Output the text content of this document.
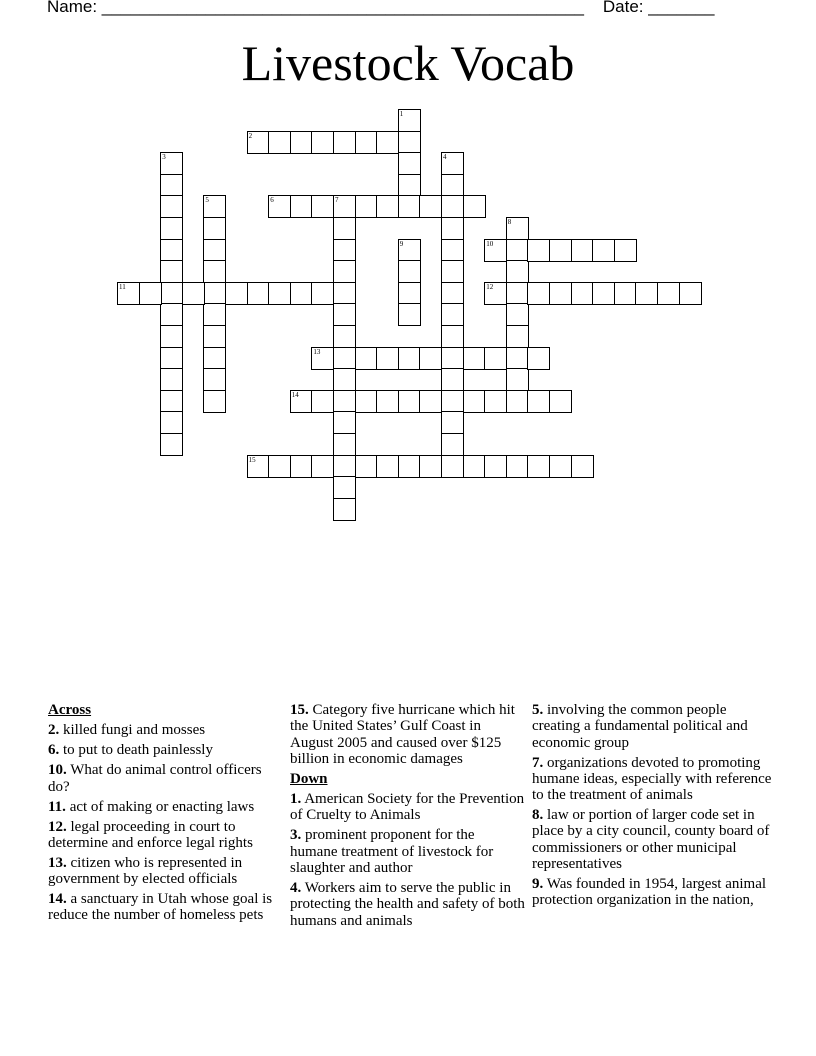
Name: ___________________________________________________    Date: _______
Livestock Vocab
1
2
3	4
5	6	7
8
9	10
11	12
13
14
15
Across
2. killed fungi and mosses
6. to put to death painlessly
10. What do animal control officers do?
11. act of making or enacting laws
12. legal proceeding in court to determine and enforce legal rights
13. citizen who is represented in government by elected officials
14. a sanctuary in Utah whose goal is reduce the number of homeless pets
15. Category five hurricane which hit the United States’ Gulf Coast in August 2005 and caused over $125 billion in economic damages
Down
1. American Society for the Prevention of Cruelty to Animals
3. prominent proponent for the humane treatment of livestock for slaughter and author
4. Workers aim to serve the public in protecting the health and safety of both humans and animals
5. involving the common people creating a fundamental political and economic group
7. organizations devoted to promoting humane ideas, especially with reference to the treatment of animals
8. law or portion of larger code set in place by a city council, county board of commissioners or other municipal representatives
9. Was founded in 1954, largest animal protection organization in the nation,
